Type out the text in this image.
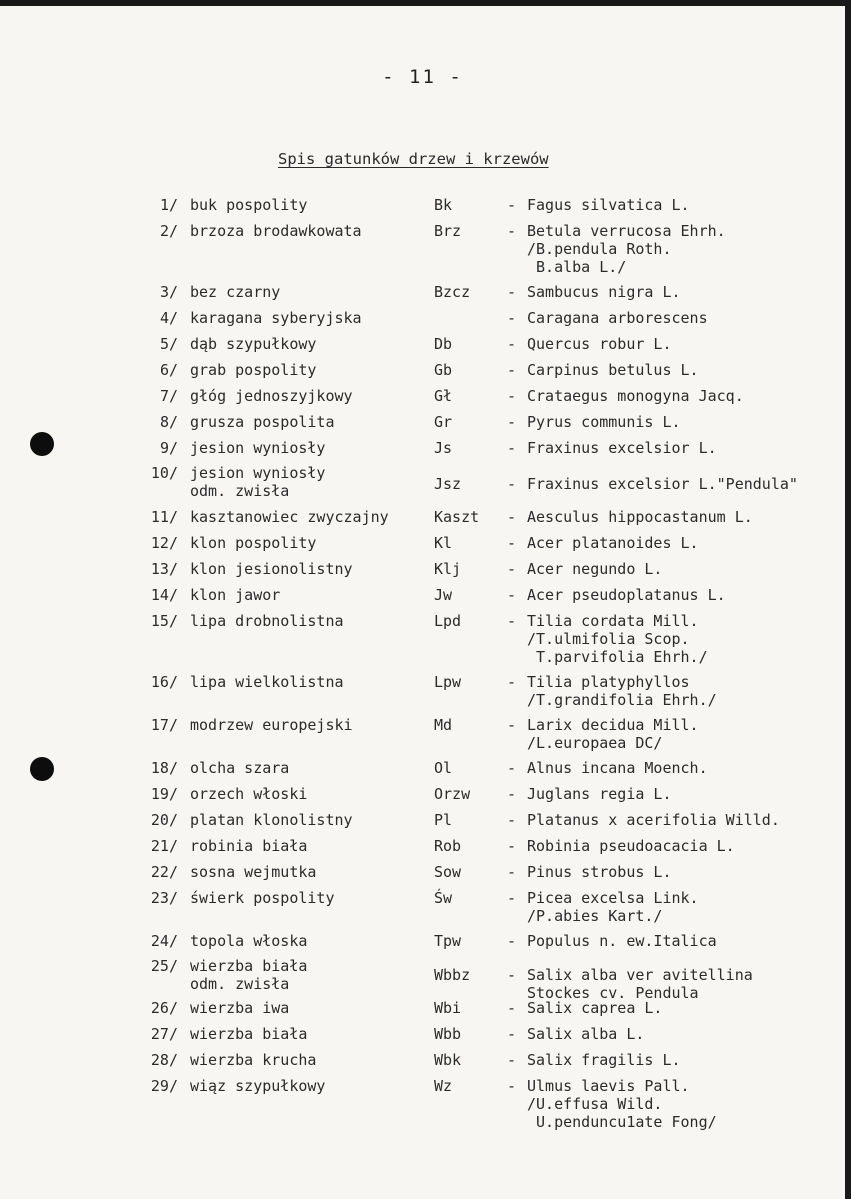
- 11 -
Spis gatunków drzew i krzewów
1/ buk pospolity	Bk	- Fagus silvatica L.
2/ brzoza brodawkowata	Brz	- Betula verrucosa Ehrh.
/B.pendula Roth.
B.alba L./
3/ bez czarny	Bzcz - Sambucus nigra L.
4/ karagana syberyjska	- Caragana arborescens
5/ dąb szypułkowy	Db	- Quercus robur L.
6/ grab pospolity	Gb	- Carpinus betulus L.
7/ głóg jednoszyjkowy	Gł	- Crataegus monogyna Jacq.
8/ grusza pospolita	Gr	- Pyrus communis L.
9/ jesion wyniosły	Js	- Fraxinus excelsior L.
10/ jesion wyniosły
odm. zwisła	Jsz	- Fraxinus excelsior L."Pendula"
11/ kasztanowiec zwyczajny	Kaszt - Aesculus hippocastanum L.
12/ klon pospolity	Kl	- Acer platanoides L.
13/ klon jesionolistny	Klj	- Acer negundo L.
14/ klon jawor	Jw	- Acer pseudoplatanus L.
15/ lipa drobnolistna	Lpd	- Tilia cordata Mill.
/T.ulmifolia Scop.
T.parvifolia Ehrh./
16/ lipa wielkolistna	Lpw	- Tilia platyphyllos
/T.grandifolia Ehrh./
17/ modrzew europejski	Md	- Larix decidua Mill.
/L.europaea DC/
18/ olcha szara	Ol	- Alnus incana Moench.
19/ orzech włoski	Orzw - Juglans regia L.
20/ platan klonolistny	Pl	- Platanus x acerifolia Willd.
21/ robinia biała	Rob	- Robinia pseudoacacia L.
22/ sosna wejmutka	Sow	- Pinus strobus L.
23/ świerk pospolity	Św	- Picea excelsa Link.
/P.abies Kart./
24/ topola włoska	Tpw	- Populus n. ew.Italica
25/ wierzba biała
odm. zwisła	Wbbz - Salix alba ver avitellina
Stockes cv. Pendula
26/ wierzba iwa	Wbi	- Salix caprea L.
27/ wierzba biała	Wbb	- Salix alba L.
28/ wierzba krucha	Wbk	- Salix fragilis L.
29/ wiąz szypułkowy	Wz	- Ulmus laevis Pall.
/U.effusa Wild.
U.penduncu1ate Fong/
